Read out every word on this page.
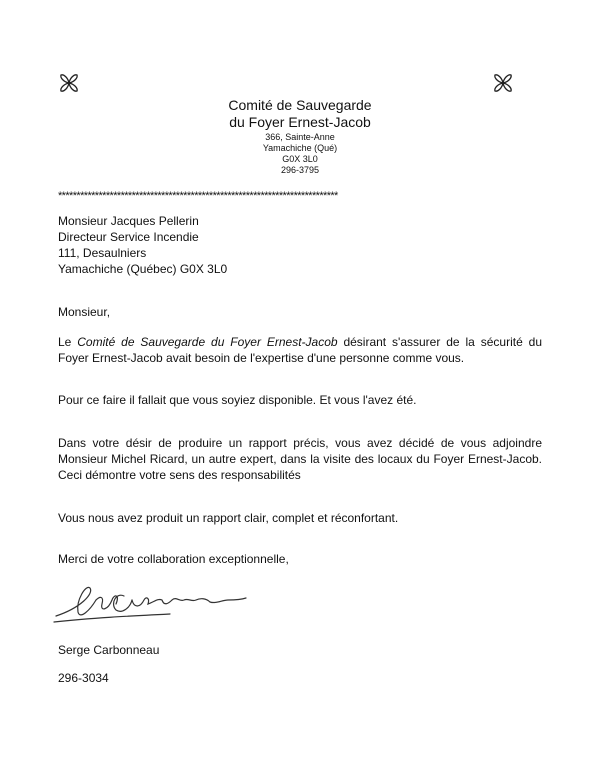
Comité de Sauvegarde
du Foyer Ernest-Jacob
366, Sainte-Anne
Yamachiche (Qué)
G0X 3L0
296-3795
****************************************************************************
Monsieur Jacques Pellerin
Directeur Service Incendie
111, Desaulniers
Yamachiche (Québec) G0X 3L0
Monsieur,
Le Comité de Sauvegarde du Foyer Ernest-Jacob désirant s'assurer de la sécurité du Foyer Ernest-Jacob avait besoin de l'expertise d'une personne comme vous.
Pour ce faire il fallait que vous soyiez disponible. Et vous l'avez été.
Dans votre désir de produire un rapport précis, vous avez décidé de vous adjoindre Monsieur Michel Ricard, un autre expert, dans la visite des locaux du Foyer Ernest-Jacob. Ceci démontre votre sens des responsabilités
Vous nous avez produit un rapport clair, complet et réconfortant.
Merci de votre collaboration exceptionnelle,
Serge Carbonneau
296-3034
